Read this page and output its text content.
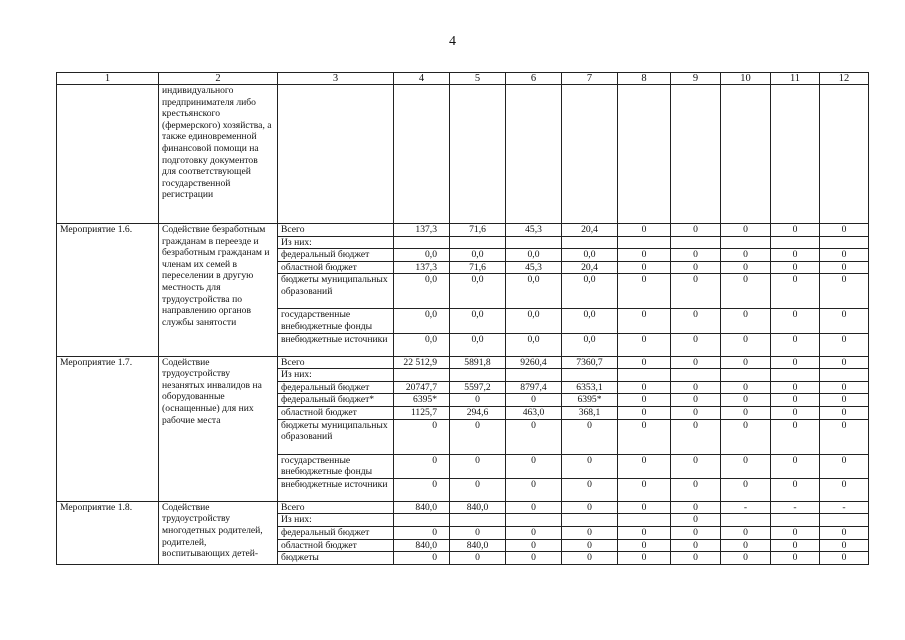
4
1	2	3	4	5	6	7	8	9	10	11	12
	индивидуального предпринимателя либо крестьянского (фермерского) хозяйства, а также единовременной финансовой помощи на подготовку документов для соответствующей государственной регистрации										
Мероприятие 1.6.	Содействие безработным гражданам в переезде и безработным гражданам и членам их семей в переселении в другую местность для трудоустройства по направлению органов службы занятости	Всего	137,3	71,6	45,3	20,4	0	0	0	0	0
		Из них:									
		федеральный бюджет	0,0	0,0	0,0	0,0	0	0	0	0	0
		областной бюджет	137,3	71,6	45,3	20,4	0	0	0	0	0
		бюджеты муниципальных образований	0,0	0,0	0,0	0,0	0	0	0	0	0
		государственные внебюджетные фонды	0,0	0,0	0,0	0,0	0	0	0	0	0
		внебюджетные источники	0,0	0,0	0,0	0,0	0	0	0	0	0
Мероприятие 1.7.	Содействие трудоустройству незанятых инвалидов на оборудованные (оснащенные) для них рабочие места	Всего	22 512,9	5891,8	9260,4	7360,7	0	0	0	0	0
		Из них:									
		федеральный бюджет	20747,7	5597,2	8797,4	6353,1	0	0	0	0	0
		федеральный бюджет*	6395*	0	0	6395*	0	0	0	0	0
		областной бюджет	1125,7	294,6	463,0	368,1	0	0	0	0	0
		бюджеты муниципальных образований	0	0	0	0	0	0	0	0	0
		государственные внебюджетные фонды	0	0	0	0	0	0	0	0	0
		внебюджетные источники	0	0	0	0	0	0	0	0	0
Мероприятие 1.8.	Содействие трудоустройству многодетных родителей, родителей, воспитывающих детей-	Всего	840,0	840,0	0	0	0	0	-	-	-
		Из них:						0			
		федеральный бюджет	0	0	0	0	0	0	0	0	0
		областной бюджет	840,0	840,0	0	0	0	0	0	0	0
		бюджеты	0	0	0	0	0	0	0	0	0
